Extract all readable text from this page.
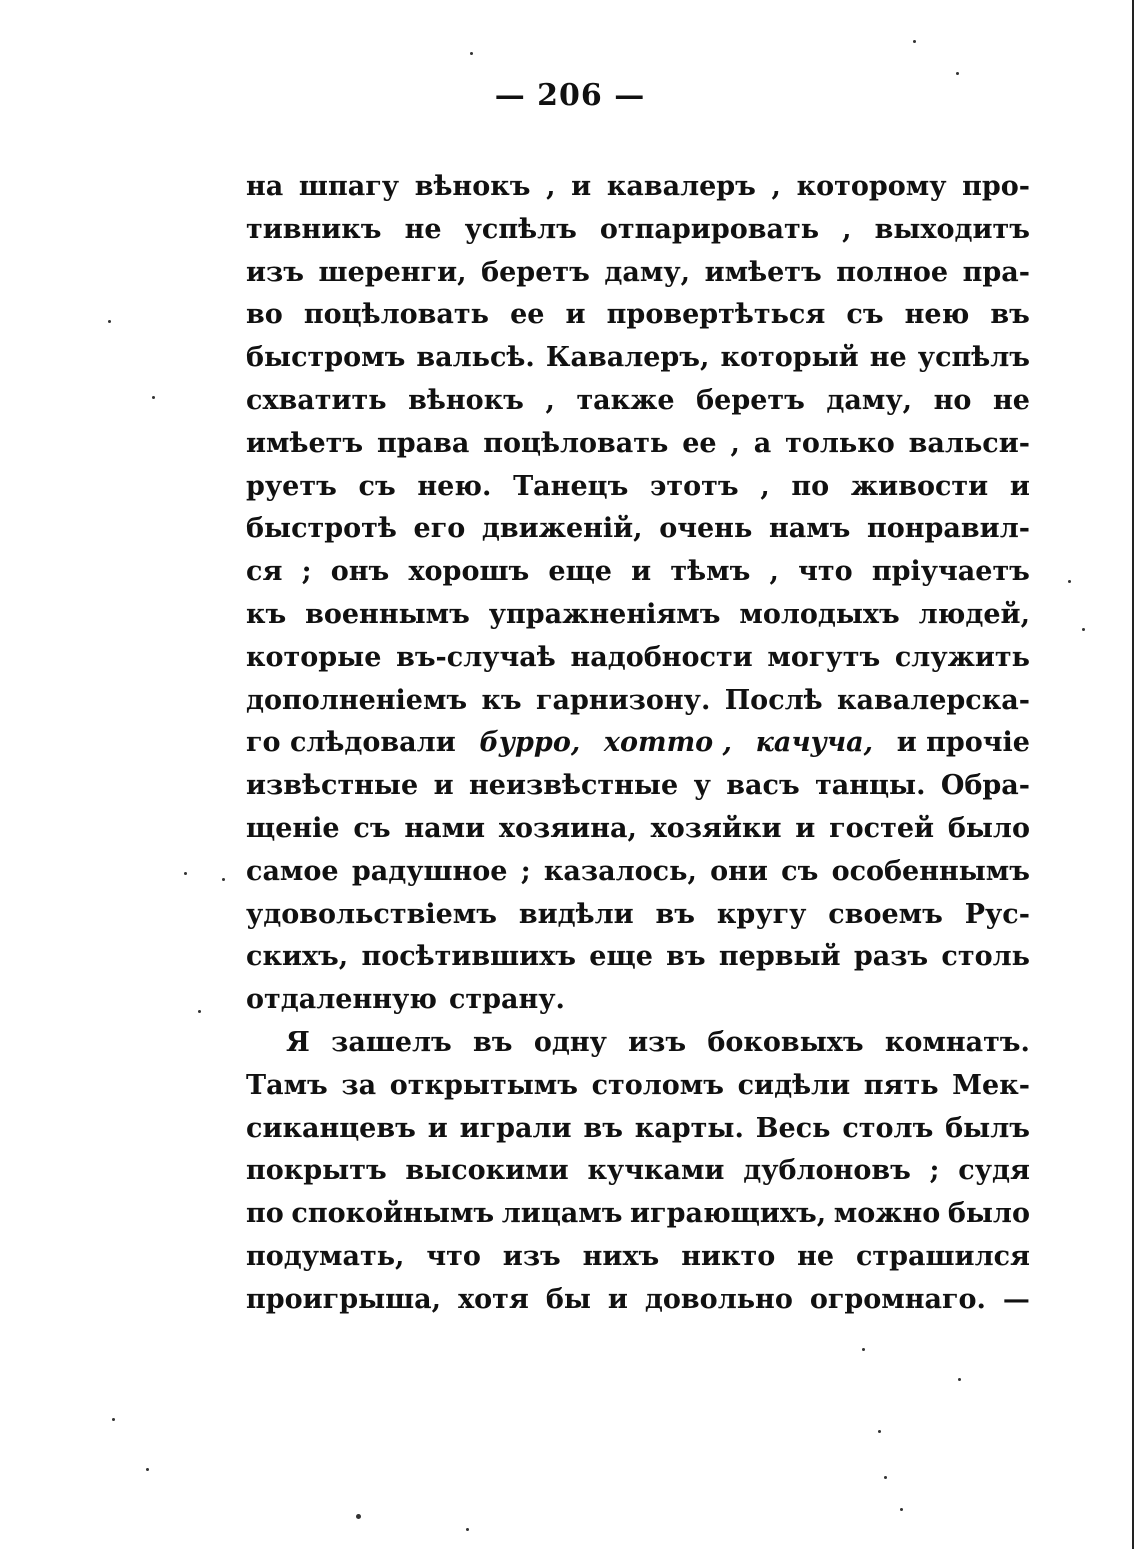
— 206 —
на шпагу вѣнокъ , и кавалеръ , которому про-
тивникъ не успѣлъ отпарировать , выходитъ
изъ шеренги, беретъ даму, имѣетъ полное пра-
во поцѣловать ее и провертѣться съ нею въ
быстромъ вальсѣ. Кавалеръ, который не успѣлъ
схватить вѣнокъ , также беретъ даму, но не
имѣетъ права поцѣловать ее , а только вальси-
руетъ съ нею. Танецъ этотъ , по живости и
быстротѣ его движеній, очень намъ понравил-
ся ; онъ хорошъ еще и тѣмъ , что пріучаетъ
къ военнымъ упражненіямъ молодыхъ людей,
которые въ-случаѣ надобности могутъ служить
дополненіемъ къ гарнизону. Послѣ кавалерска-
го слѣдовали бурро, хотто , качуча, и прочіе
извѣстные и неизвѣстные у васъ танцы. Обра-
щеніе съ нами хозяина, хозяйки и гостей было
самое радушное ; казалось, они съ особеннымъ
удовольствіемъ видѣли въ кругу своемъ Рус-
скихъ, посѣтившихъ еще въ первый разъ столь
отдаленную страну.
Я зашелъ въ одну изъ боковыхъ комнатъ.
Тамъ за открытымъ столомъ сидѣли пять Мек-
сиканцевъ и играли въ карты. Весь столъ былъ
покрытъ высокими кучками дублоновъ ; судя
по спокойнымъ лицамъ играющихъ, можно было
подумать, что изъ нихъ никто не страшился
проигрыша, хотя бы и довольно огромнаго. —
